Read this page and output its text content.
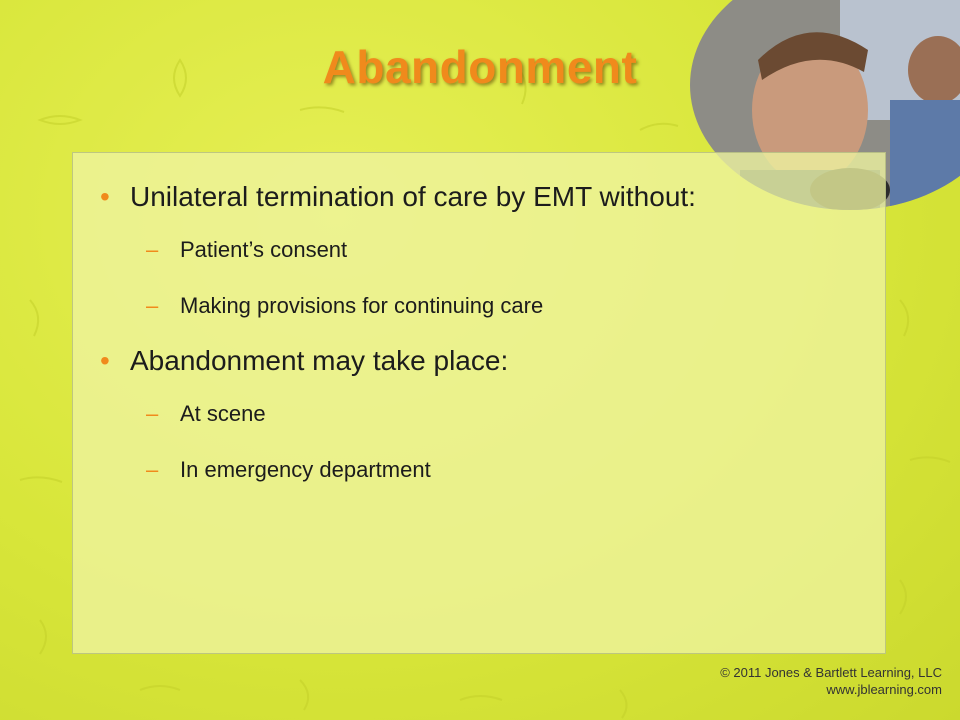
Abandonment
• Unilateral termination of care by EMT without:
– Patient’s consent
– Making provisions for continuing care
• Abandonment may take place:
– At scene
– In emergency department
© 2011 Jones & Bartlett Learning, LLC
www.jblearning.com
